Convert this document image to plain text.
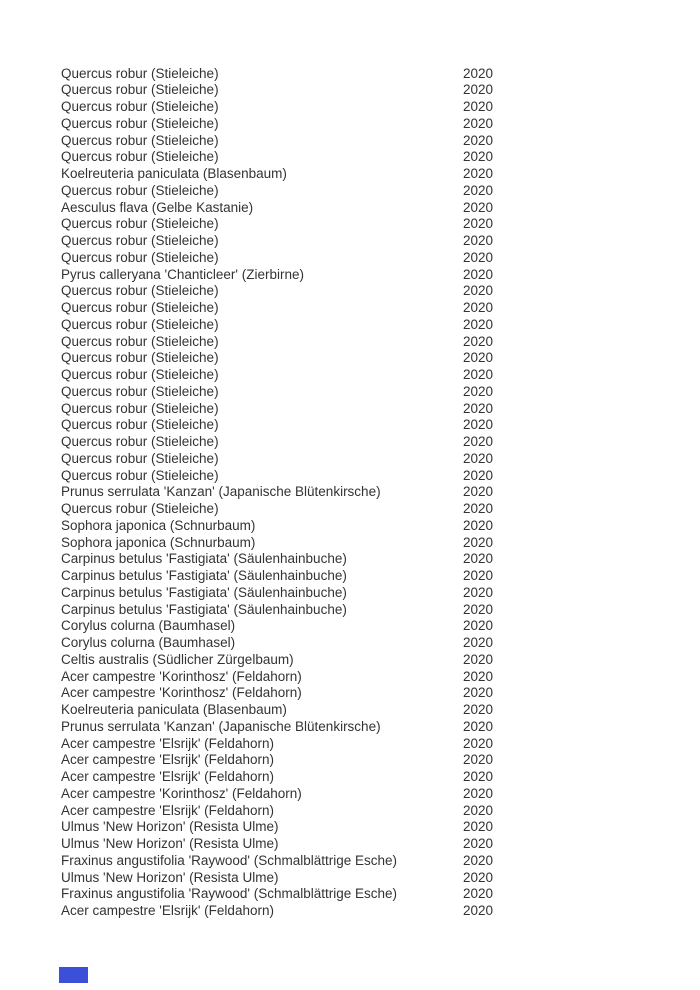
Quercus robur (Stieleiche)	2020
Quercus robur (Stieleiche)	2020
Quercus robur (Stieleiche)	2020
Quercus robur (Stieleiche)	2020
Quercus robur (Stieleiche)	2020
Quercus robur (Stieleiche)	2020
Koelreuteria paniculata (Blasenbaum)	2020
Quercus robur (Stieleiche)	2020
Aesculus flava (Gelbe Kastanie)	2020
Quercus robur (Stieleiche)	2020
Quercus robur (Stieleiche)	2020
Quercus robur (Stieleiche)	2020
Pyrus calleryana 'Chanticleer' (Zierbirne)	2020
Quercus robur (Stieleiche)	2020
Quercus robur (Stieleiche)	2020
Quercus robur (Stieleiche)	2020
Quercus robur (Stieleiche)	2020
Quercus robur (Stieleiche)	2020
Quercus robur (Stieleiche)	2020
Quercus robur (Stieleiche)	2020
Quercus robur (Stieleiche)	2020
Quercus robur (Stieleiche)	2020
Quercus robur (Stieleiche)	2020
Quercus robur (Stieleiche)	2020
Quercus robur (Stieleiche)	2020
Prunus serrulata 'Kanzan' (Japanische Blütenkirsche)	2020
Quercus robur (Stieleiche)	2020
Sophora japonica (Schnurbaum)	2020
Sophora japonica (Schnurbaum)	2020
Carpinus betulus 'Fastigiata' (Säulenhainbuche)	2020
Carpinus betulus 'Fastigiata' (Säulenhainbuche)	2020
Carpinus betulus 'Fastigiata' (Säulenhainbuche)	2020
Carpinus betulus 'Fastigiata' (Säulenhainbuche)	2020
Corylus colurna (Baumhasel)	2020
Corylus colurna (Baumhasel)	2020
Celtis australis (Südlicher Zürgelbaum)	2020
Acer campestre 'Korinthosz' (Feldahorn)	2020
Acer campestre 'Korinthosz' (Feldahorn)	2020
Koelreuteria paniculata (Blasenbaum)	2020
Prunus serrulata 'Kanzan' (Japanische Blütenkirsche)	2020
Acer campestre 'Elsrijk' (Feldahorn)	2020
Acer campestre 'Elsrijk' (Feldahorn)	2020
Acer campestre 'Elsrijk' (Feldahorn)	2020
Acer campestre 'Korinthosz' (Feldahorn)	2020
Acer campestre 'Elsrijk' (Feldahorn)	2020
Ulmus 'New Horizon' (Resista Ulme)	2020
Ulmus 'New Horizon' (Resista Ulme)	2020
Fraxinus angustifolia 'Raywood' (Schmalblättrige Esche)	2020
Ulmus 'New Horizon' (Resista Ulme)	2020
Fraxinus angustifolia 'Raywood' (Schmalblättrige Esche)	2020
Acer campestre 'Elsrijk' (Feldahorn)	2020
